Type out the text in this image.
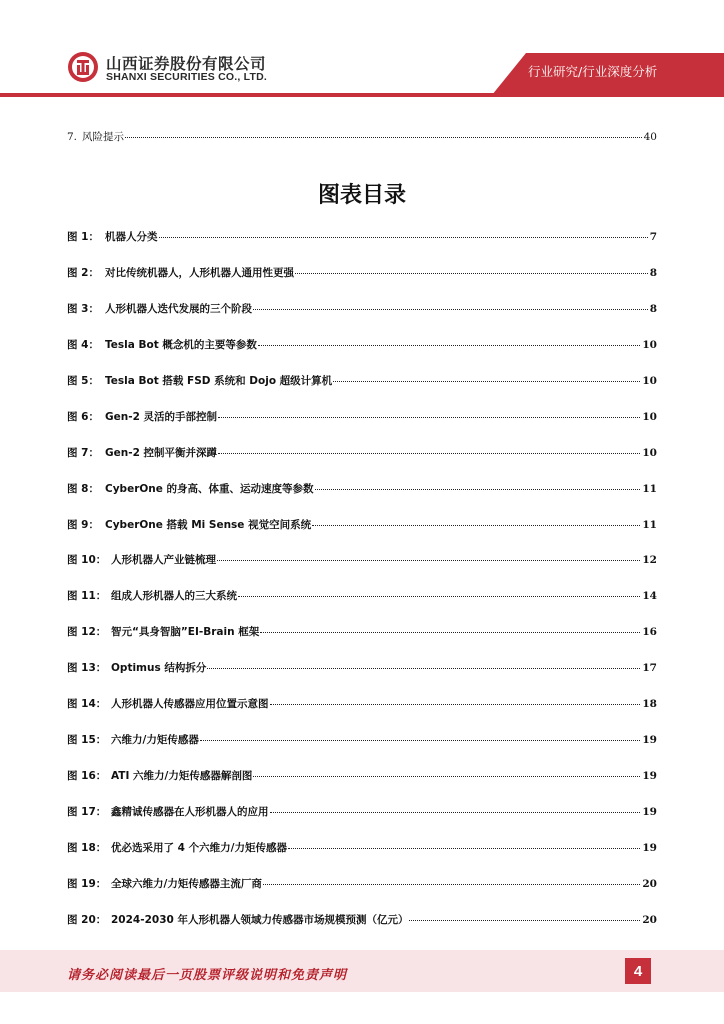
山西证券股份有限公司
SHANXI SECURITIES CO., LTD.	行业研究/行业深度分析
7. 风险提示	40
图表目录
图 1： 机器人分类	7
图 2： 对比传统机器人，人形机器人通用性更强	8
图 3： 人形机器人迭代发展的三个阶段	8
图 4： Tesla Bot 概念机的主要等参数	10
图 5： Tesla Bot 搭载 FSD 系统和 Dojo 超级计算机	10
图 6： Gen-2 灵活的手部控制	10
图 7： Gen-2 控制平衡并深蹲	10
图 8： CyberOne 的身高、体重、运动速度等参数	11
图 9： CyberOne 搭载 Mi Sense 视觉空间系统	11
图 10： 人形机器人产业链梳理	12
图 11： 组成人形机器人的三大系统	14
图 12： 智元“具身智脑”EI-Brain 框架	16
图 13： Optimus 结构拆分	17
图 14： 人形机器人传感器应用位置示意图	18
图 15： 六维力/力矩传感器	19
图 16： ATI 六维力/力矩传感器解剖图	19
图 17： 鑫精诚传感器在人形机器人的应用	19
图 18： 优必选采用了 4 个六维力/力矩传感器	19
图 19： 全球六维力/力矩传感器主流厂商	20
图 20： 2024-2030 年人形机器人领域力传感器市场规模预测（亿元）	20
请务必阅读最后一页股票评级说明和免责声明	4
